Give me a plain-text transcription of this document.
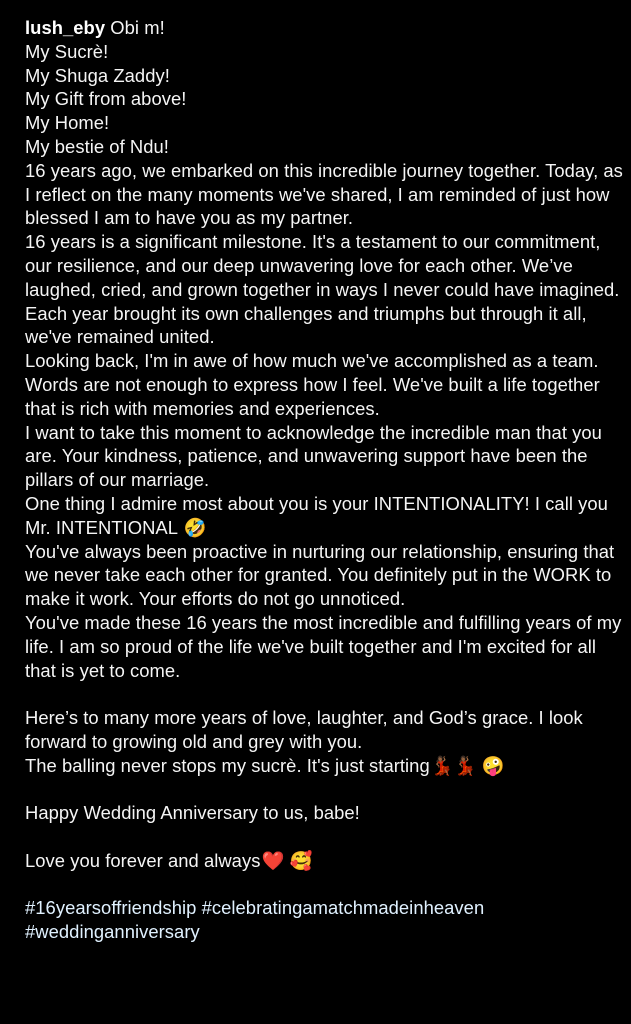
lush_eby Obi m!
My Sucrè!
My Shuga Zaddy!
My Gift from above!
My Home!
My bestie of Ndu!
16 years ago, we embarked on this incredible journey together. Today, as I reflect on the many moments we've shared, I am reminded of just how blessed I am to have you as my partner.
16 years is a significant milestone. It's a testament to our commitment, our resilience, and our deep unwavering love for each other. We’ve laughed, cried, and grown together in ways I never could have imagined. Each year brought its own challenges and triumphs but through it all, we've remained united.
Looking back, I'm in awe of how much we've accomplished as a team. Words are not enough to express how I feel. We've built a life together that is rich with memories and experiences.
I want to take this moment to acknowledge the incredible man that you are. Your kindness, patience, and unwavering support have been the pillars of our marriage.
One thing I admire most about you is your INTENTIONALITY! I call you Mr. INTENTIONAL 🤣
You've always been proactive in nurturing our relationship, ensuring that we never take each other for granted. You definitely put in the WORK to make it work. Your efforts do not go unnoticed.
You've made these 16 years the most incredible and fulfilling years of my life. I am so proud of the life we've built together and I'm excited for all that is yet to come.
Here’s to many more years of love, laughter, and God’s grace. I look forward to growing old and grey with you.
The balling never stops my sucrè. It's just starting💃🏾💃🏾 🤪
Happy Wedding Anniversary to us, babe!
Love you forever and always❤️ 🥰
#16yearsoffriendship #celebratingamatchmadeinheaven
#weddinganniversary
